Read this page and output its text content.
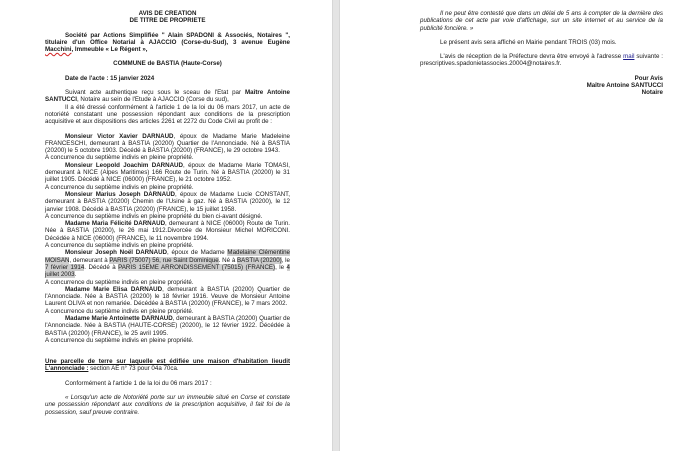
AVIS DE CREATION

DE TITRE DE PROPRIETE

Société par Actions Simplifiée " Alain SPADONI & Associés, Notaires ", titulaire d'un Office Notarial à AJACCIO (Corse-du-Sud), 3 avenue Eugène Macchini, Immeuble « Le Régent »,

COMMUNE de BASTIA (Haute-Corse)

Date de l'acte : 15 janvier 2024

Suivant acte authentique reçu sous le sceau de l'Etat par Maître Antoine SANTUCCI, Notaire au sein de l'Etude à AJACCIO (Corse du sud),

Il a été dressé conformément à l'article 1 de la loi du 06 mars 2017, un acte de notoriété constatant une possession répondant aux conditions de la prescription acquisitive et aux dispositions des articles 2261 et 2272 du Code Civil au profit de :

Monsieur Victor Xavier DARNAUD, époux de Madame Marie Madeleine FRANCESCHI, demeurant à BASTIA (20200) Quartier de l'Annonciade. Né à BASTIA (20200) le 5 octobre 1903. Décédé à BASTIA (20200) (FRANCE), le 29 octobre 1943.

A concurrence du septième indivis en pleine propriété.

Monsieur Leopold Joachim DARNAUD, époux de Madame Marie TOMASI, demeurant à NICE (Alpes Maritimes) 166 Route de Turin. Né à BASTIA (20200) le 31 juillet 1905. Décédé à NICE (06000) (FRANCE), le 21 octobre 1952.

A concurrence du septième indivis en pleine propriété.

Monsieur Marius Joseph DARNAUD, époux de Madame Lucie CONSTANT, demeurant à BASTIA (20200) Chemin de l'Usine à gaz. Né à BASTIA (20200), le 12 janvier 1908. Décédé à BASTIA (20200) (FRANCE), le 15 juillet 1958.

A concurrence du septième indivis en pleine propriété du bien ci-avant désigné.

Madame Maria Félicité DARNAUD, demeurant à NICE (06000) Route de Turin. Née à BASTIA (20200), le 26 mai 1912.Divorcée de Monsieur Michel MORICONI. Décédée à NICE (06000) (FRANCE), le 11 novembre 1994.

A concurrence du septième indivis en pleine propriété.

Monsieur Joseph Noël DARNAUD, époux de Madame Madelaine Clémentine MOISAN, demeurant à PARIS (75007) 56, rue Saint Dominique. Né à BASTIA (20200), le 7 février 1914. Décédé à PARIS 15EME ARRONDISSEMENT (75015) (FRANCE), le 4 juillet 2003.

A concurrence du septième indivis en pleine propriété.

Madame Marie Elisa DARNAUD, demeurant à BASTIA (20200) Quartier de l'Annonciade. Née à BASTIA (20200) le 18 février 1916. Veuve de Monsieur Antoine Laurent OLIVA et non remariée. Décédée à BASTIA (20200) (FRANCE), le 7 mars 2002.

A concurrence du septième indivis en pleine propriété.

Madame Marie Antoinette DARNAUD, demeurant à BASTIA (20200) Quartier de l'Annonciade. Née à BASTIA (HAUTE-CORSE) (20200), le 12 février 1922. Décédée à BASTIA (20200) (FRANCE), le 25 avril 1995.

A concurrence du septième indivis en pleine propriété.

Une parcelle de terre sur laquelle est édifiée une maison d'habitation lieudit L'annonciade : section AE n° 73 pour 04a 70ca.

Conformément à l'article 1 de la loi du 06 mars 2017 :

« Lorsqu'un acte de Notoriété porte sur un immeuble situé en Corse et constate une possession répondant aux conditions de la prescription acquisitive, il fait foi de la possession, sauf preuve contraire.

Il ne peut être contesté que dans un délai de 5 ans à compter de la dernière des publications de cet acte par voie d'affichage, sur un site internet et au service de la publicité foncière. »

Le présent avis sera affiché en Mairie pendant TROIS (03) mois.

L'avis de réception de la Préfecture devra être envoyé à l'adresse mail suivante : prescriptives.spadonietassocies.20004@notaires.fr.

Pour Avis

Maître Antoine SANTUCCI

Notaire
